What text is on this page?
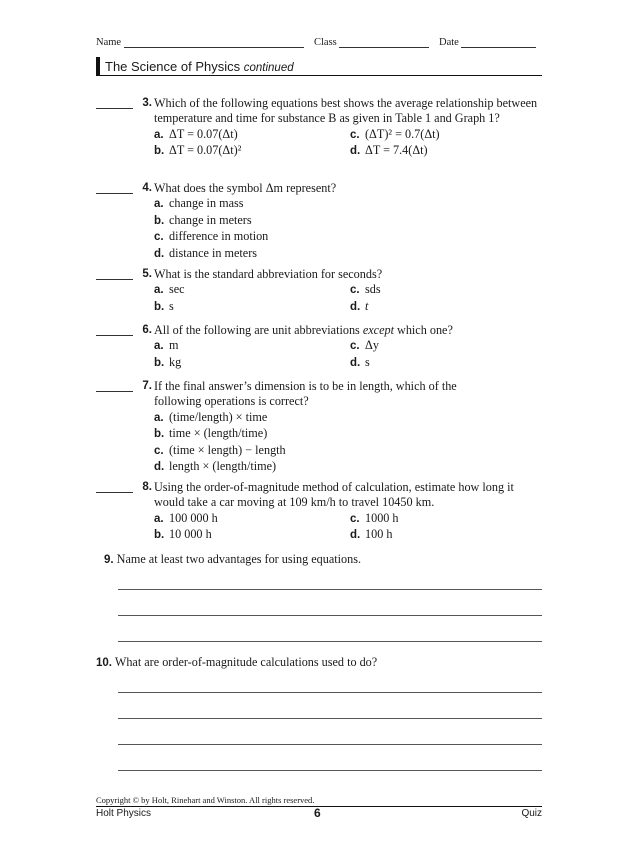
Name	Class	Date
The Science of Physics continued
3. Which of the following equations best shows the average relationship between temperature and time for substance B as given in Table 1 and Graph 1?
a. ΔT = 0.07(Δt)	c. (ΔT)² = 0.7(Δt)
b. ΔT = 0.07(Δt)²	d. ΔT = 7.4(Δt)
4. What does the symbol Δm represent?
a. change in mass
b. change in meters
c. difference in motion
d. distance in meters
5. What is the standard abbreviation for seconds?
a. sec	c. sds
b. s	d. t
6. All of the following are unit abbreviations except which one?
a. m	c. Δy
b. kg	d. s
7. If the final answer’s dimension is to be in length, which of the following operations is correct?
a. (time/length) × time
b. time × (length/time)
c. (time × length) − length
d. length × (length/time)
8. Using the order-of-magnitude method of calculation, estimate how long it would take a car moving at 109 km/h to travel 10450 km.
a. 100 000 h	c. 1000 h
b. 10 000 h	d. 100 h
9. Name at least two advantages for using equations.
10. What are order-of-magnitude calculations used to do?
Copyright © by Holt, Rinehart and Winston. All rights reserved.
Holt Physics	6	Quiz
